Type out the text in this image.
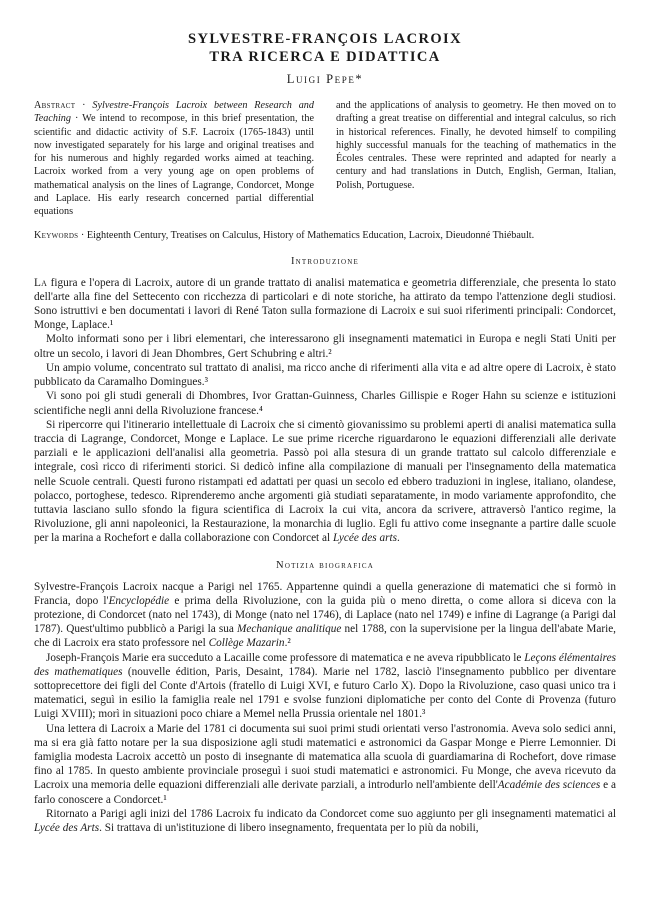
SYLVESTRE-FRANÇOIS LACROIX
TRA RICERCA E DIDATTICA
Luigi Pepe*
Abstract · Sylvestre-François Lacroix between Research and Teaching · We intend to recompose, in this brief presentation, the scientific and didactic activity of S.F. Lacroix (1765-1843) until now investigated separately for his large and original treatises and for his numerous and highly regarded works aimed at teaching. Lacroix worked from a very young age on open problems of mathematical analysis on the lines of Lagrange, Condorcet, Monge and Laplace. His early research concerned partial differential equations
and the applications of analysis to geometry. He then moved on to drafting a great treatise on differential and integral calculus, so rich in historical references. Finally, he devoted himself to compiling highly successful manuals for the teaching of mathematics in the Écoles centrales. These were reprinted and adapted for nearly a century and had translations in Dutch, English, German, Italian, Polish, Portuguese.
Keywords · Eighteenth Century, Treatises on Calculus, History of Mathematics Education, Lacroix, Dieudonné Thiébault.
Introduzione

La figura e l'opera di Lacroix, autore di un grande trattato di analisi matematica e geometria differenziale, che presenta lo stato dell'arte alla fine del Settecento con ricchezza di particolari e di note storiche, ha attirato da tempo l'attenzione degli studiosi. Sono istruttivi e ben documentati i lavori di René Taton sulla formazione di Lacroix e sui suoi riferimenti principali: Condorcet, Monge, Laplace.¹

Molto informati sono per i libri elementari, che interessarono gli insegnamenti matematici in Europa e negli Stati Uniti per oltre un secolo, i lavori di Jean Dhombres, Gert Schubring e altri.²

Un ampio volume, concentrato sul trattato di analisi, ma ricco anche di riferimenti alla vita e ad altre opere di Lacroix, è stato pubblicato da Caramalho Domingues.³

Vi sono poi gli studi generali di Dhombres, Ivor Grattan-Guinness, Charles Gillispie e Roger Hahn su scienze e istituzioni scientifiche negli anni della Rivoluzione francese.⁴

Si ripercorre qui l'itinerario intellettuale di Lacroix che si cimentò giovanissimo su problemi aperti di analisi matematica sulla traccia di Lagrange, Condorcet, Monge e Laplace. Le sue prime ricerche riguardarono le equazioni differenziali alle derivate parziali e le applicazioni dell'analisi alla geometria. Passò poi alla stesura di un grande trattato sul calcolo differenziale e integrale, così ricco di riferimenti storici. Si dedicò infine alla compilazione di manuali per l'insegnamento della matematica nelle Scuole centrali. Questi furono ristampati ed adattati per quasi un secolo ed ebbero traduzioni in inglese, italiano, olandese, polacco, portoghese, tedesco. Riprenderemo anche argomenti già studiati separatamente, in modo variamente approfondito, che tuttavia lasciano sullo sfondo la figura scientifica di Lacroix la cui vita, ancora da scrivere, attraversò l'antico regime, la Rivoluzione, gli anni napoleonici, la Restaurazione, la monarchia di luglio. Egli fu attivo come insegnante a partire dalle scuole per la marina a Rochefort e dalla collaborazione con Condorcet al Lycée des arts.

Notizia biografica

Sylvestre-François Lacroix nacque a Parigi nel 1765. Appartenne quindi a quella generazione di matematici che si formò in Francia, dopo l'Encyclopédie e prima della Rivoluzione, con la guida più o meno diretta, o come allora si diceva con la protezione, di Condorcet (nato nel 1743), di Monge (nato nel 1746), di Laplace (nato nel 1749) e infine di Lagrange (a Parigi dal 1787). Quest'ultimo pubblicò a Parigi la sua Mechanique analitique nel 1788, con la supervisione per la lingua dell'abate Marie, che di Lacroix era stato professore nel Collège Mazarin.²

Joseph-François Marie era succeduto a Lacaille come professore di matematica e ne aveva ripubblicato le Leçons élémentaires des mathematiques (nouvelle édition, Paris, Desaint, 1784). Marie nel 1782, lasciò l'insegnamento pubblico per diventare sottoprecettore dei figli del Conte d'Artois (fratello di Luigi XVI, e futuro Carlo X). Dopo la Rivoluzione, caso quasi unico tra i matematici, seguì in esilio la famiglia reale nel 1791 e svolse funzioni diplomatiche per conto del Conte di Provenza (futuro Luigi XVIII); morì in situazioni poco chiare a Memel nella Prussia orientale nel 1801.³

Una lettera di Lacroix a Marie del 1781 ci documenta sui suoi primi studi orientati verso l'astronomia. Aveva solo sedici anni, ma si era già fatto notare per la sua disposizione agli studi matematici e astronomici da Gaspar Monge e Pierre Lemonnier. Di famiglia modesta Lacroix accettò un posto di insegnante di matematica alla scuola di guardiamarina di Rochefort, dove rimase fino al 1785. In questo ambiente provinciale proseguì i suoi studi matematici e astronomici. Fu Monge, che aveva ricevuto da Lacroix una memoria delle equazioni differenziali alle derivate parziali, a introdurlo nell'ambiente dell'Académie des sciences e a farlo conoscere a Condorcet.¹

Ritornato a Parigi agli inizi del 1786 Lacroix fu indicato da Condorcet come suo aggiunto per gli insegnamenti matematici al Lycée des Arts. Si trattava di un'istituzione di libero insegnamento, frequentata per lo più da nobili,
